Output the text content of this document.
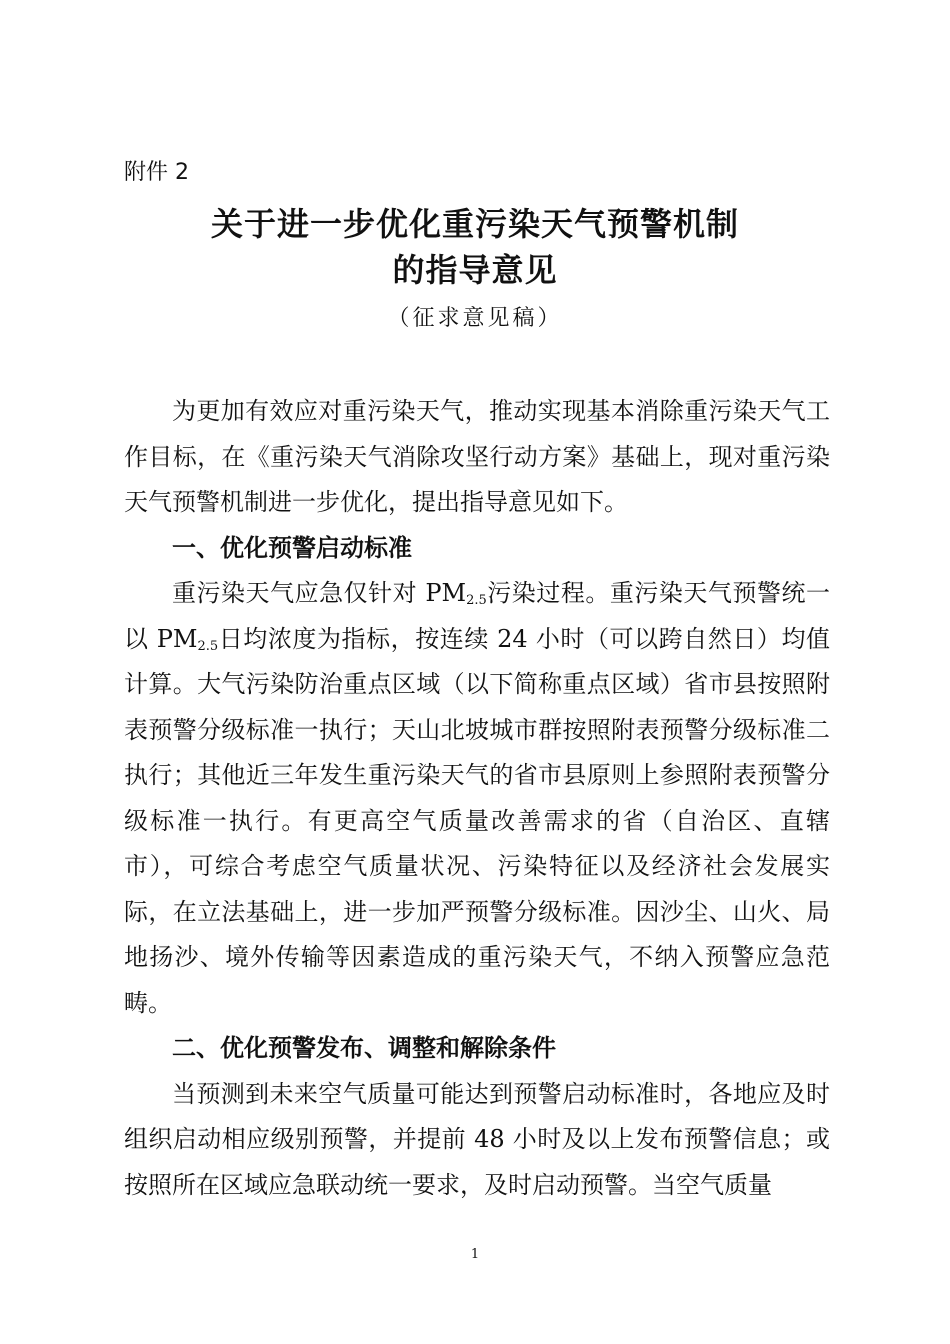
附件 2

关于进一步优化重污染天气预警机制
的指导意见

（征求意见稿）

为更加有效应对重污染天气，推动实现基本消除重污染天气工作目标，在《重污染天气消除攻坚行动方案》基础上，现对重污染天气预警机制进一步优化，提出指导意见如下。

一、优化预警启动标准

重污染天气应急仅针对 $PM_{2.5}$污染过程。重污染天气预警统一以 $PM_{2.5}$日均浓度为指标，按连续 24 小时（可以跨自然日）均值计算。大气污染防治重点区域（以下简称重点区域）省市县按照附表预警分级标准一执行；天山北坡城市群按照附表预警分级标准二执行；其他近三年发生重污染天气的省市县原则上参照附表预警分级标准一执行。有更高空气质量改善需求的省（自治区、直辖市），可综合考虑空气质量状况、污染特征以及经济社会发展实际，在立法基础上，进一步加严预警分级标准。因沙尘、山火、局地扬沙、境外传输等因素造成的重污染天气，不纳入预警应急范畴。

二、优化预警发布、调整和解除条件

当预测到未来空气质量可能达到预警启动标准时，各地应及时组织启动相应级别预警，并提前 48 小时及以上发布预警信息；或按照所在区域应急联动统一要求，及时启动预警。当空气质量

1
